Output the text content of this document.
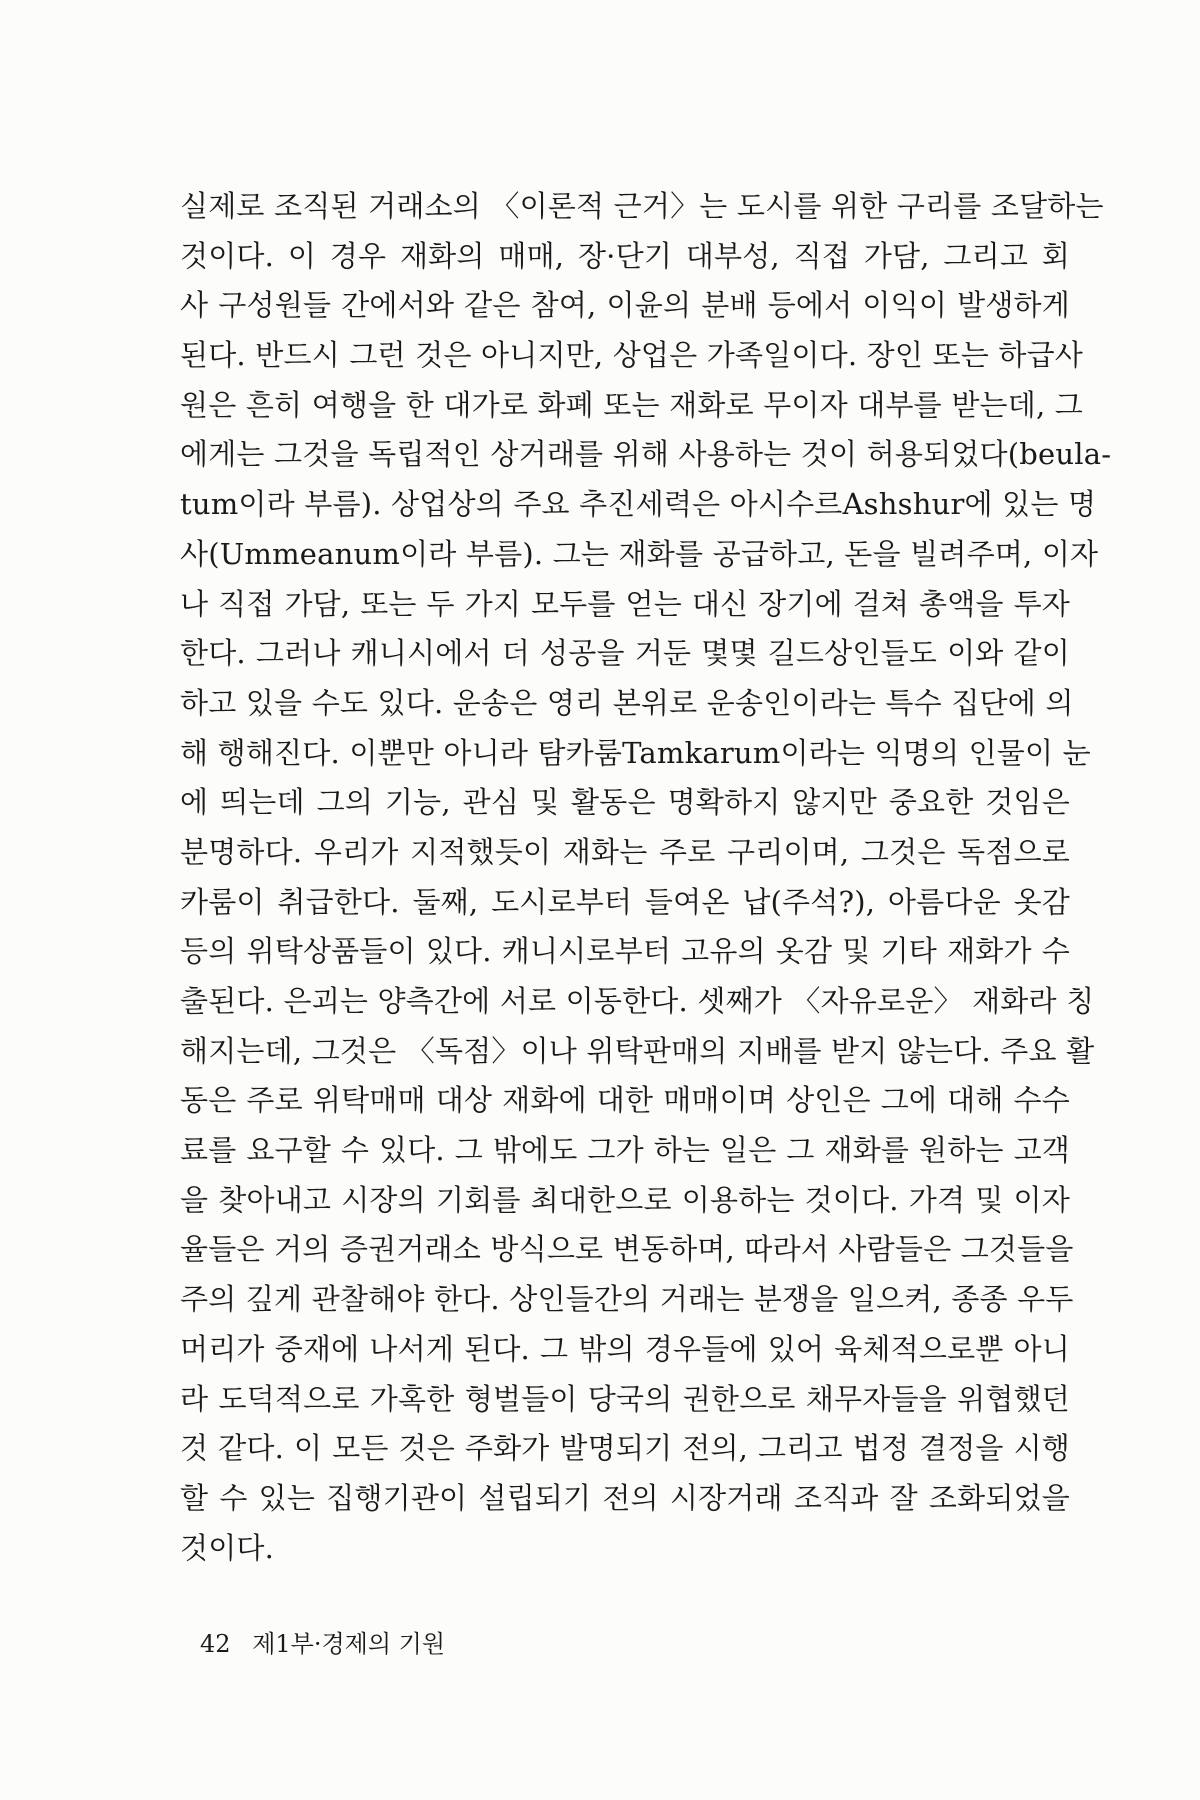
실제로 조직된 거래소의 〈이론적 근거〉는 도시를 위한 구리를 조달하는
것이다. 이 경우 재화의 매매, 장·단기 대부성, 직접 가담, 그리고 회
사 구성원들 간에서와 같은 참여, 이윤의 분배 등에서 이익이 발생하게
된다. 반드시 그런 것은 아니지만, 상업은 가족일이다. 장인 또는 하급사
원은 흔히 여행을 한 대가로 화폐 또는 재화로 무이자 대부를 받는데, 그
에게는 그것을 독립적인 상거래를 위해 사용하는 것이 허용되었다(beula-
tum이라 부름). 상업상의 주요 추진세력은 아시수르Ashshur에 있는 명
사(Ummeanum이라 부름). 그는 재화를 공급하고, 돈을 빌려주며, 이자
나 직접 가담, 또는 두 가지 모두를 얻는 대신 장기에 걸쳐 총액을 투자
한다. 그러나 캐니시에서 더 성공을 거둔 몇몇 길드상인들도 이와 같이
하고 있을 수도 있다. 운송은 영리 본위로 운송인이라는 특수 집단에 의
해 행해진다. 이뿐만 아니라 탐카룸Tamkarum이라는 익명의 인물이 눈
에 띄는데 그의 기능, 관심 및 활동은 명확하지 않지만 중요한 것임은
분명하다. 우리가 지적했듯이 재화는 주로 구리이며, 그것은 독점으로
카룸이 취급한다. 둘째, 도시로부터 들여온 납(주석?), 아름다운 옷감
등의 위탁상품들이 있다. 캐니시로부터 고유의 옷감 및 기타 재화가 수
출된다. 은괴는 양측간에 서로 이동한다. 셋째가 〈자유로운〉 재화라 칭
해지는데, 그것은 〈독점〉이나 위탁판매의 지배를 받지 않는다. 주요 활
동은 주로 위탁매매 대상 재화에 대한 매매이며 상인은 그에 대해 수수
료를 요구할 수 있다. 그 밖에도 그가 하는 일은 그 재화를 원하는 고객
을 찾아내고 시장의 기회를 최대한으로 이용하는 것이다. 가격 및 이자
율들은 거의 증권거래소 방식으로 변동하며, 따라서 사람들은 그것들을
주의 깊게 관찰해야 한다. 상인들간의 거래는 분쟁을 일으켜, 종종 우두
머리가 중재에 나서게 된다. 그 밖의 경우들에 있어 육체적으로뿐 아니
라 도덕적으로 가혹한 형벌들이 당국의 권한으로 채무자들을 위협했던
것 같다. 이 모든 것은 주화가 발명되기 전의, 그리고 법정 결정을 시행
할 수 있는 집행기관이 설립되기 전의 시장거래 조직과 잘 조화되었을
것이다.
42 제1부·경제의 기원
